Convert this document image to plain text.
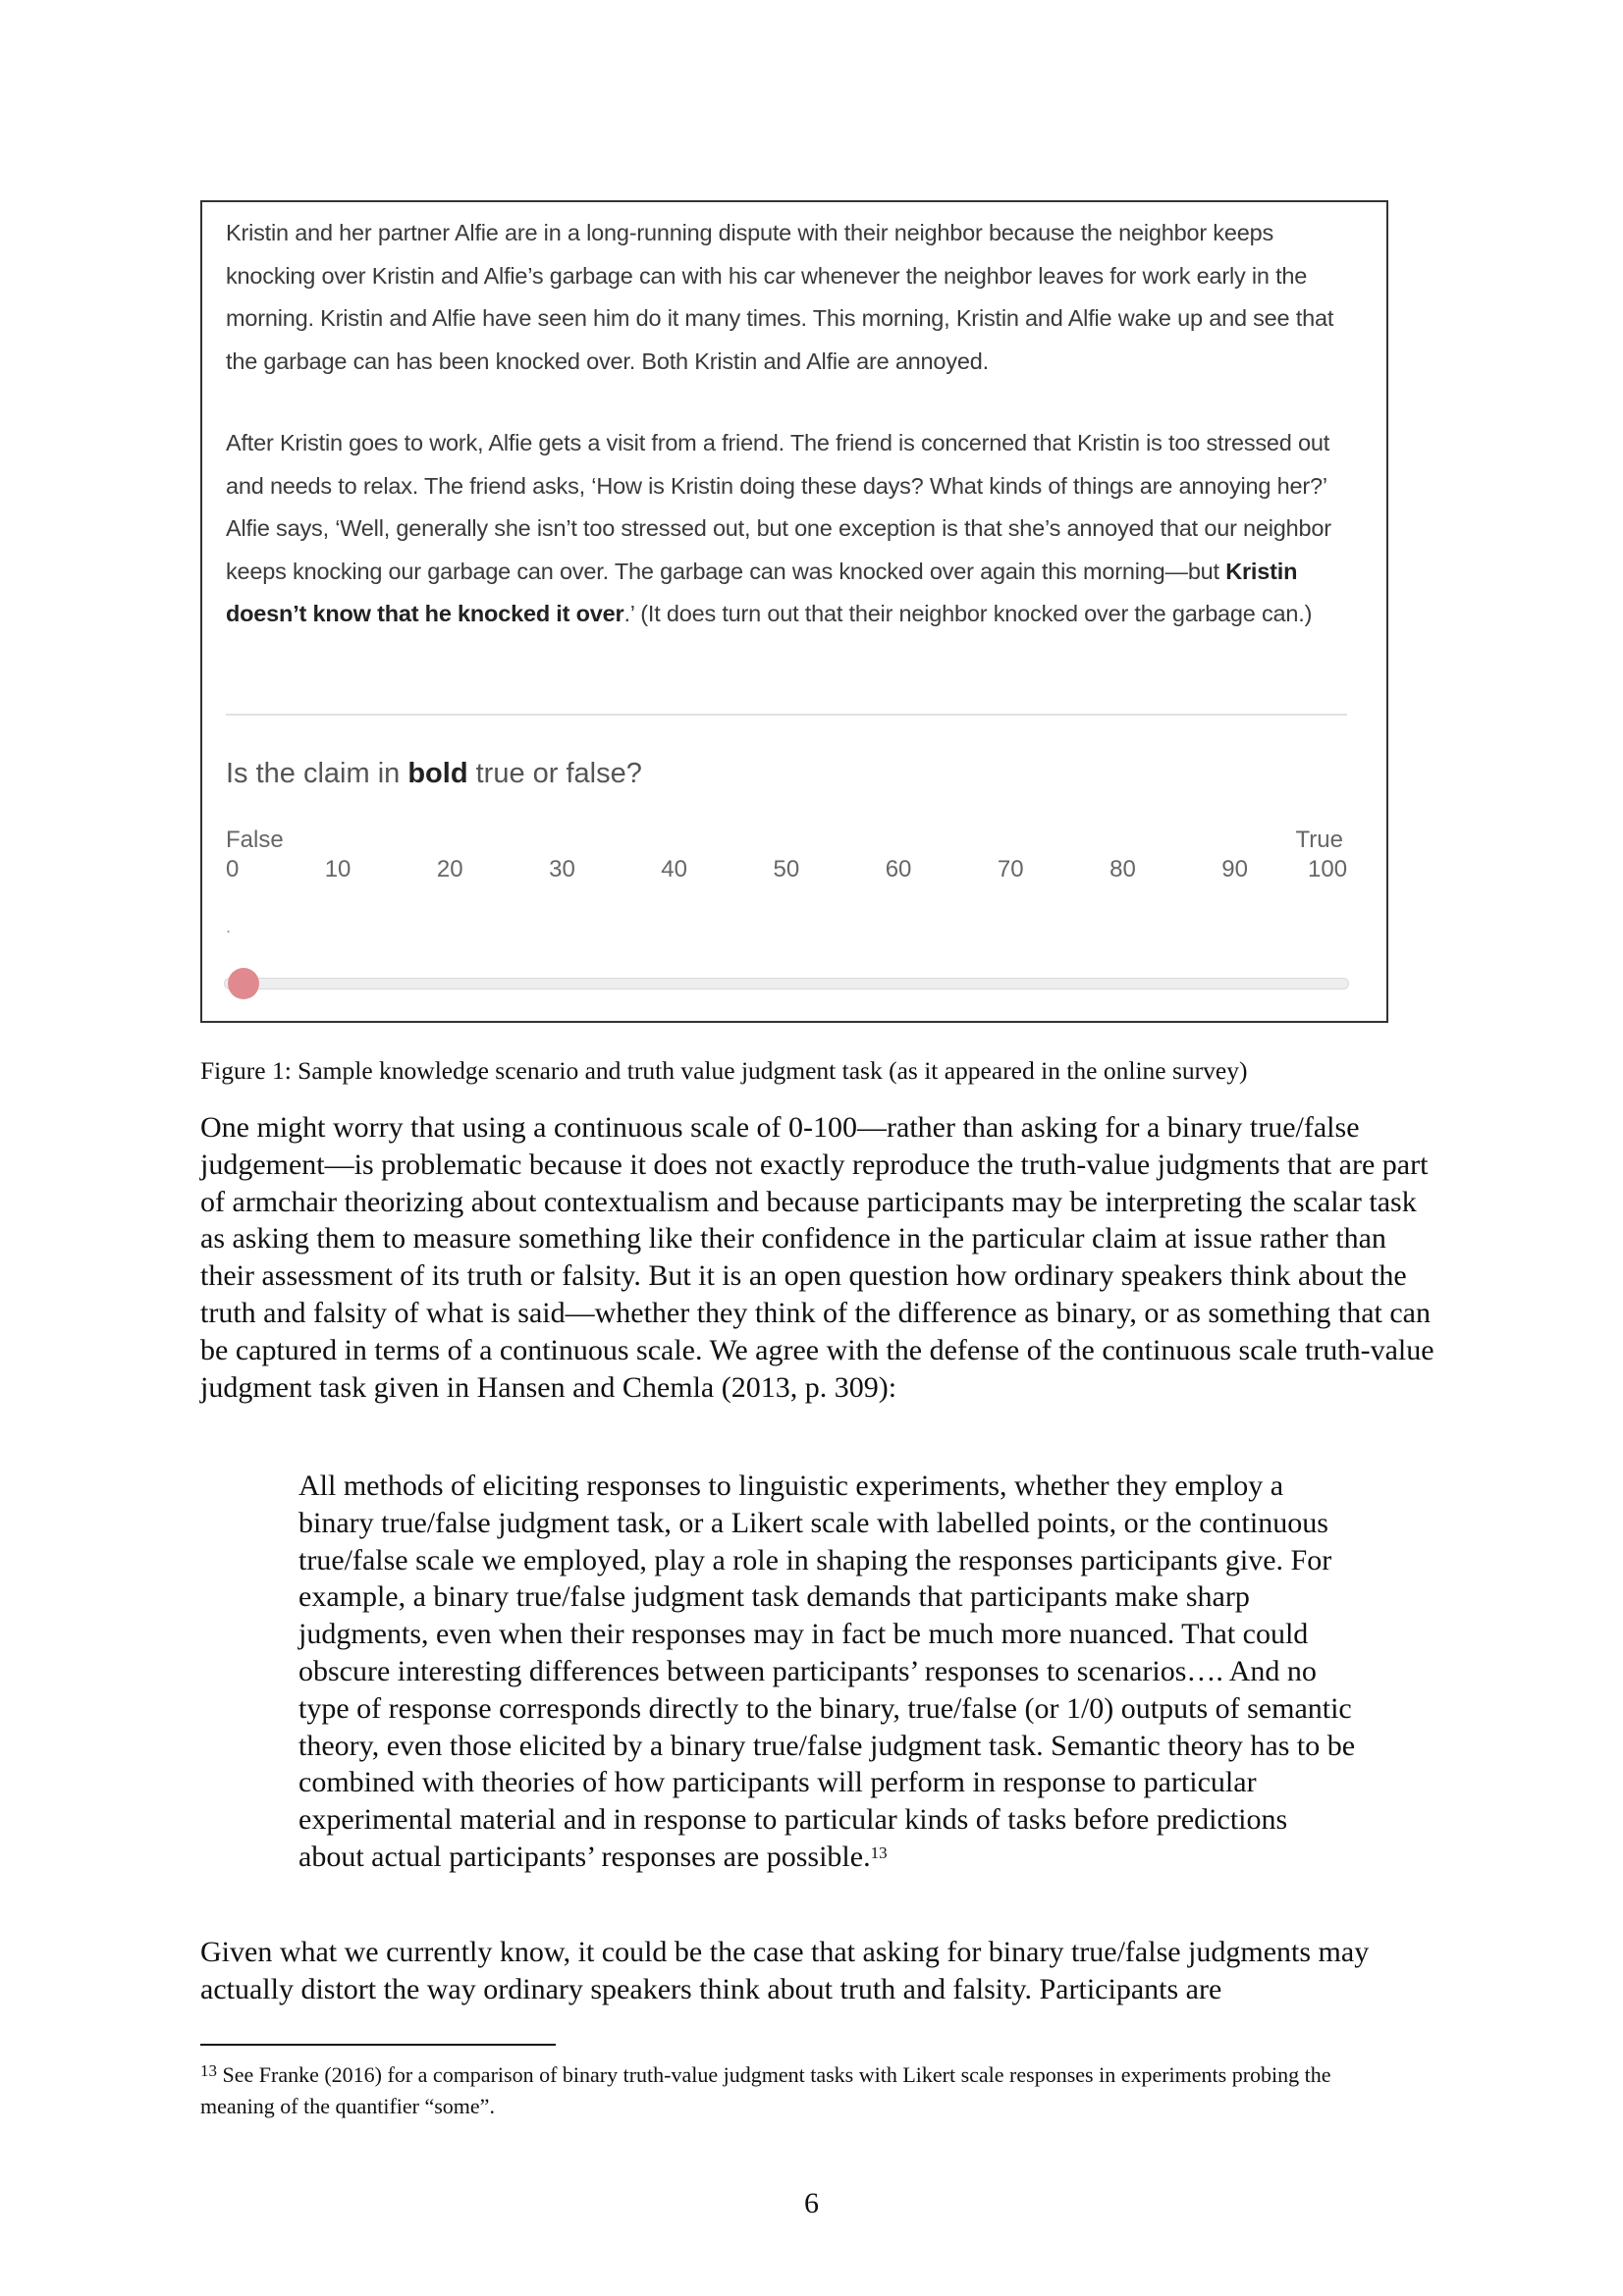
Kristin and her partner Alfie are in a long-running dispute with their neighbor because the neighbor keeps knocking over Kristin and Alfie’s garbage can with his car whenever the neighbor leaves for work early in the morning. Kristin and Alfie have seen him do it many times. This morning, Kristin and Alfie wake up and see that the garbage can has been knocked over. Both Kristin and Alfie are annoyed.

After Kristin goes to work, Alfie gets a visit from a friend. The friend is concerned that Kristin is too stressed out and needs to relax. The friend asks, ‘How is Kristin doing these days? What kinds of things are annoying her?’ Alfie says, ‘Well, generally she isn’t too stressed out, but one exception is that she’s annoyed that our neighbor keeps knocking our garbage can over. The garbage can was knocked over again this morning—but Kristin doesn’t know that he knocked it over.’ (It does turn out that their neighbor knocked over the garbage can.)

Is the claim in bold true or false?

False	True
0	10	20	30	40	50	60	70	80	90	100
.

Figure 1: Sample knowledge scenario and truth value judgment task (as it appeared in the online survey)

One might worry that using a continuous scale of 0-100—rather than asking for a binary true/false judgement—is problematic because it does not exactly reproduce the truth-value judgments that are part of armchair theorizing about contextualism and because participants may be interpreting the scalar task as asking them to measure something like their confidence in the particular claim at issue rather than their assessment of its truth or falsity. But it is an open question how ordinary speakers think about the truth and falsity of what is said—whether they think of the difference as binary, or as something that can be captured in terms of a continuous scale. We agree with the defense of the continuous scale truth-value judgment task given in Hansen and Chemla (2013, p. 309):

All methods of eliciting responses to linguistic experiments, whether they employ a binary true/false judgment task, or a Likert scale with labelled points, or the continuous true/false scale we employed, play a role in shaping the responses participants give. For example, a binary true/false judgment task demands that participants make sharp judgments, even when their responses may in fact be much more nuanced. That could obscure interesting differences between participants’ responses to scenarios…. And no type of response corresponds directly to the binary, true/false (or 1/0) outputs of semantic theory, even those elicited by a binary true/false judgment task. Semantic theory has to be combined with theories of how participants will perform in response to particular experimental material and in response to particular kinds of tasks before predictions about actual participants’ responses are possible.$^{13}$

Given what we currently know, it could be the case that asking for binary true/false judgments may actually distort the way ordinary speakers think about truth and falsity. Participants are

$^{13}$ See Franke (2016) for a comparison of binary truth-value judgment tasks with Likert scale responses in experiments probing the meaning of the quantifier “some”.

6
